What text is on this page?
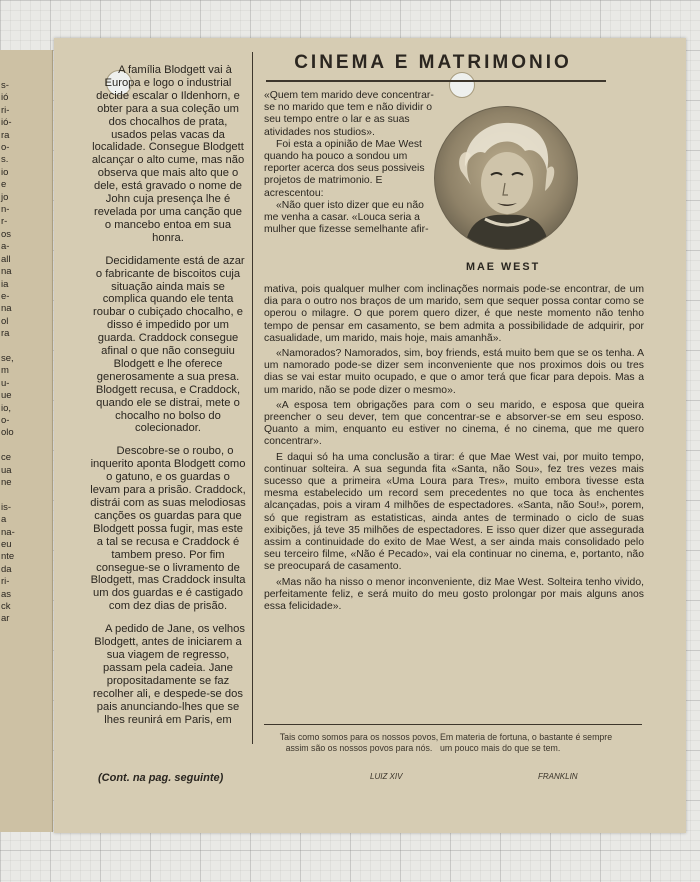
s-
ió
ri-
ió-
ra
o-
s.
io
e
jo
n-
r-
os
a-
all
na
ia
e-
na
ol
ra

se,
m
u-
ue
io,
o-
olo

ce
ua
ne

is-
a
na-
eu
nte
da
ri-
as
ck
ar

A família Blodgett vai à Europa e logo o industrial decide escalar o Ildenhorn, e obter para a sua coleção um dos chocalhos de prata, usados pelas vacas da localidade. Consegue Blodgett alcançar o alto cume, mas não observa que mais alto que o dele, está gravado o nome de John cuja presença lhe é revelada por uma canção que o mancebo entoa em sua honra.

Decididamente está de azar o fabricante de biscoitos cuja situação ainda mais se complica quando ele tenta roubar o cubiçado chocalho, e disso é impedido por um guarda. Craddock consegue afinal o que não conseguiu Blodgett e lhe oferece generosamente a sua presa. Blodgett recusa, e Craddock, quando ele se distrai, mete o chocalho no bolso do colecionador.

Descobre-se o roubo, o inquerito aponta Blodgett como o gatuno, e os guardas o levam para a prisão. Craddock, distrái com as suas melodiosas canções os guardas para que Blodgett possa fugir, mas este a tal se recusa e Craddock é tambem preso. Por fim consegue-se o livramento de Blodgett, mas Craddock insulta um dos guardas e é castigado com dez dias de prisão.

A pedido de Jane, os velhos Blodgett, antes de iniciarem a sua viagem de regresso, passam pela cadeia. Jane propositadamente se faz recolher ali, e despede-se dos pais anunciando-lhes que se lhes reunirá em Paris, em

(Cont. na pag. seguinte)
CINEMA E MATRIMONIO

«Quem tem marido deve concentrar-se no marido que tem e não dividir o seu tempo entre o lar e as suas atividades nos studios».

Foi esta a opinião de Mae West quando ha pouco a sondou um reporter acerca dos seus possiveis projetos de matrimonio. E acrescentou:

«Não quer isto dizer que eu não me venha a casar. «Louca seria a mulher que fizesse semelhante afir-

MAE WEST

mativa, pois qualquer mulher com inclinações normais pode-se encontrar, de um dia para o outro nos braços de um marido, sem que sequer possa contar como se operou o milagre. O que porem quero dizer, é que neste momento não tenho tempo de pensar em casamento, se bem admita a possibilidade de adquirir, por casualidade, um marido, mais hoje, mais amanhã».

«Namorados? Namorados, sim, boy friends, está muito bem que se os tenha. A um namorado pode-se dizer sem inconveniente que nos proximos dois ou tres dias se vai estar muito ocupado, e que o amor terá que ficar para depois. Mas a um marido, não se pode dizer o mesmo».

«A esposa tem obrigações para com o seu marido, e esposa que queira preencher o seu dever, tem que concentrar-se e absorver-se em seu esposo. Quanto a mim, enquanto eu estiver no cinema, é no cinema, que me quero concentrar».

E daqui só ha uma conclusão a tirar: é que Mae West vai, por muito tempo, continuar solteira. A sua segunda fita «Santa, não Sou», fez tres vezes mais sucesso que a primeira «Uma Loura para Tres», muito embora tivesse esta mesma estabelecido um record sem precedentes no que toca às enchentes alcançadas, pois a viram 4 milhões de espectadores. «Santa, não Sou!», porem, só que registram as estatisticas, ainda antes de terminado o ciclo de suas exibições, já teve 35 milhões de espectadores. E isso quer dizer que assegurada assim a continuidade do exito de Mae West, a ser ainda mais consolidado pelo seu terceiro filme, «Não é Pecado», vai ela continuar no cinema, e, portanto, não se preocupará de casamento.

«Mas não ha nisso o menor inconveniente, diz Mae West. Solteira tenho vivido, perfeitamente feliz, e será muito do meu gosto prolongar por mais alguns anos essa felicidade».

Tais como somos para os nossos povos, assim são os nossos povos para nós.
LUIZ XIV
Em materia de fortuna, o bastante é sempre um pouco mais do que se tem.
FRANKLIN
